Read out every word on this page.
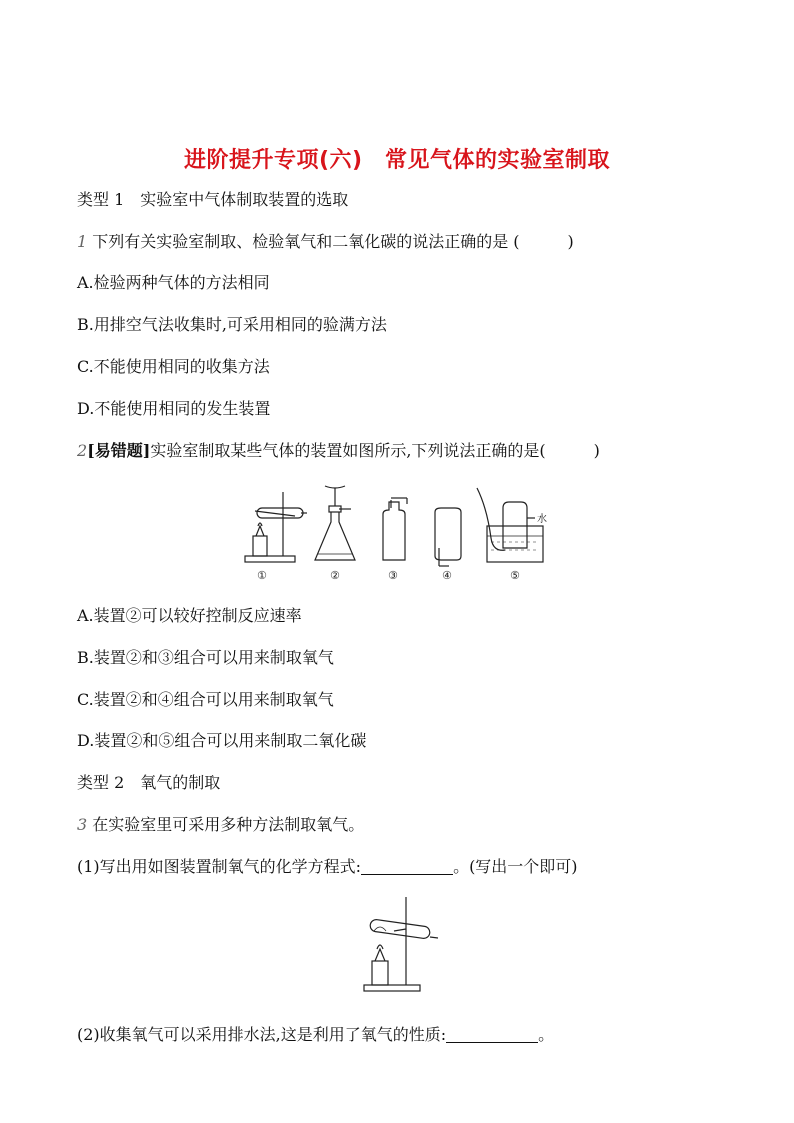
进阶提升专项(六)　常见气体的实验室制取
类型 1　实验室中气体制取装置的选取
1 下列有关实验室制取、检验氧气和二氧化碳的说法正确的是 (　　　)
A.检验两种气体的方法相同
B.用排空气法收集时,可采用相同的验满方法
C.不能使用相同的收集方法
D.不能使用相同的发生装置
2[易错题]实验室制取某些气体的装置如图所示,下列说法正确的是(　　　)
水
①	②	③	④	⑤
A.装置②可以较好控制反应速率
B.装置②和③组合可以用来制取氧气
C.装置②和④组合可以用来制取氧气
D.装置②和⑤组合可以用来制取二氧化碳
类型 2　氧气的制取
3 在实验室里可采用多种方法制取氧气。
(1)写出用如图装置制氧气的化学方程式:	。(写出一个即可)
(2)收集氧气可以采用排水法,这是利用了氧气的性质:	。
